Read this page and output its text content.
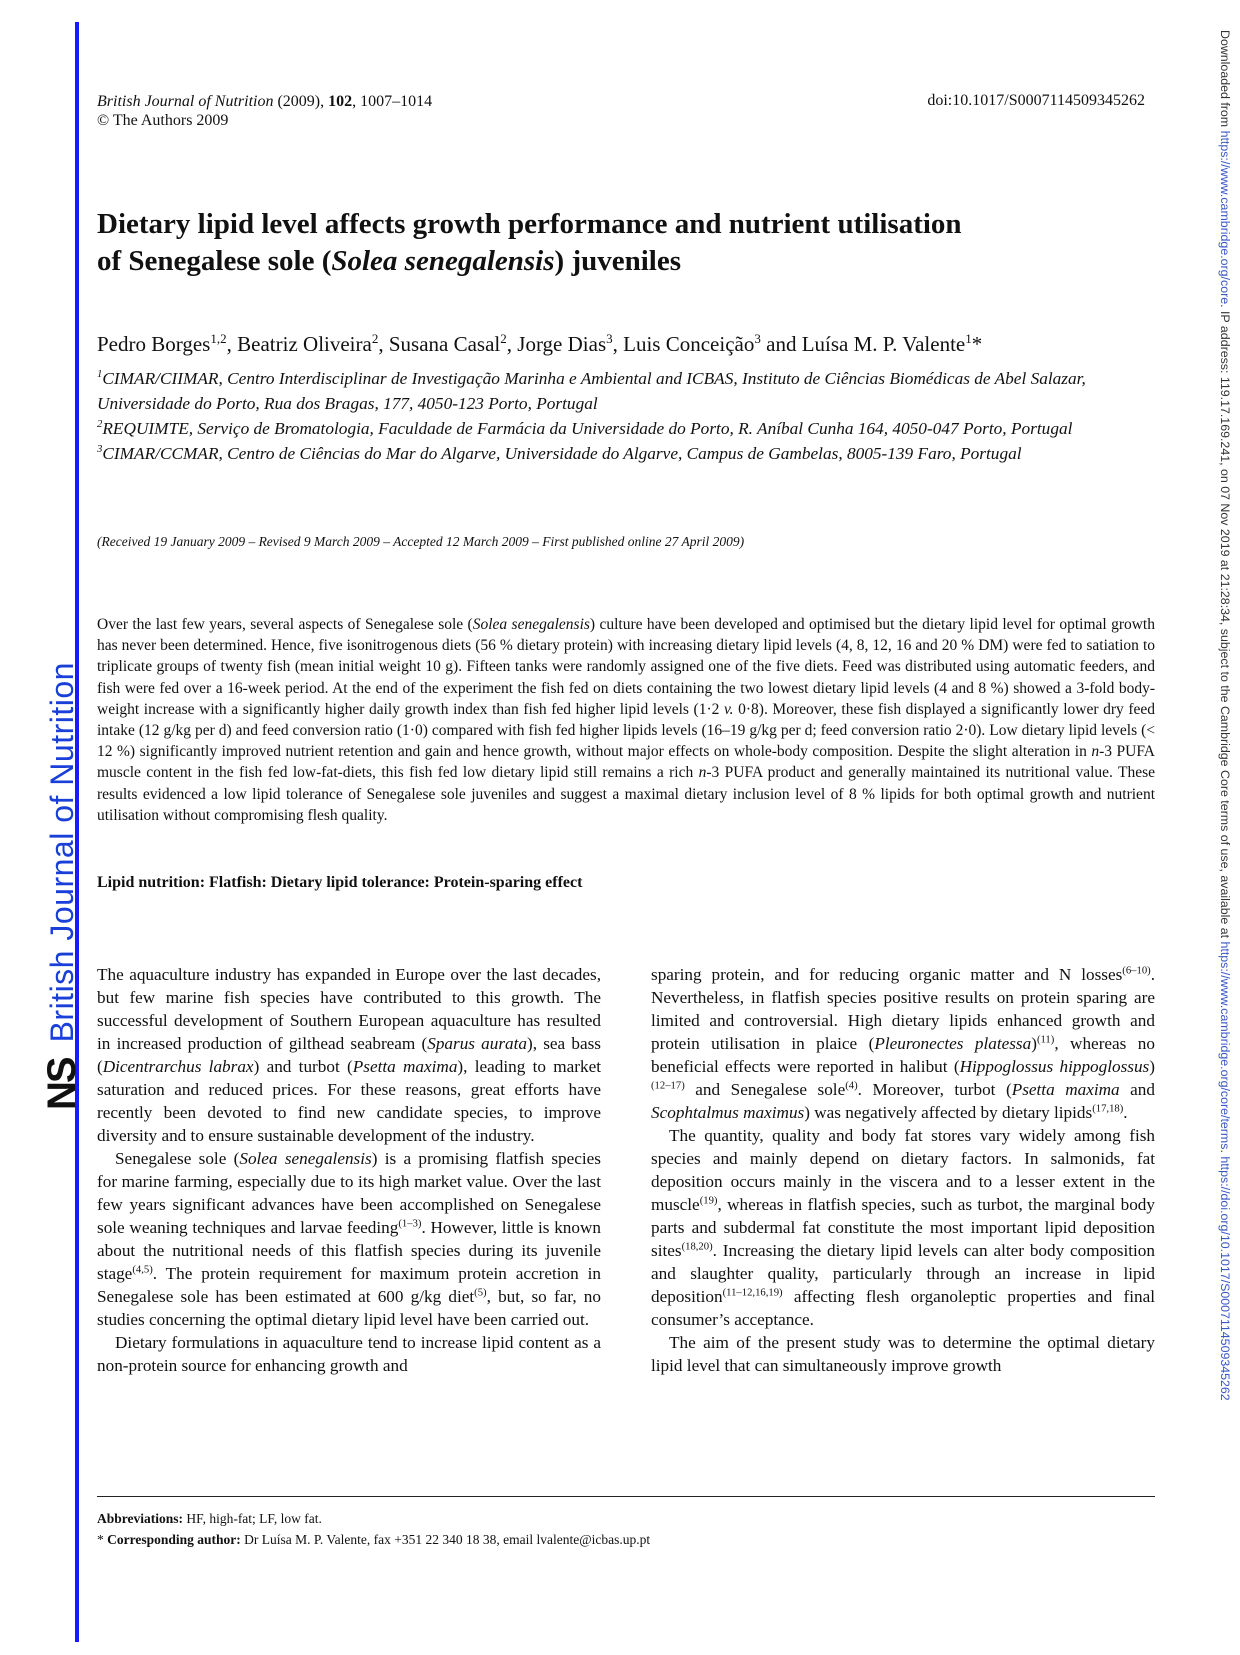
NS
British Journal of Nutrition
Downloaded from https://www.cambridge.org/core. IP address: 119.17.169.241, on 07 Nov 2019 at 21:28:34, subject to the Cambridge Core terms of use, available at https://www.cambridge.org/core/terms. https://doi.org/10.1017/S0007114509345262
British Journal of Nutrition (2009), 102, 1007–1014
© The Authors 2009
doi:10.1017/S0007114509345262
Dietary lipid level affects growth performance and nutrient utilisation
of Senegalese sole (Solea senegalensis) juveniles
Pedro Borges$^{1,2}$, Beatriz Oliveira$^2$, Susana Casal$^2$, Jorge Dias$^3$, Luis Conceição$^3$ and Luísa M. P. Valente$^1$*

$^1$CIMAR/CIIMAR, Centro Interdisciplinar de Investigação Marinha e Ambiental and ICBAS, Instituto de Ciências Biomédicas de Abel Salazar, Universidade do Porto, Rua dos Bragas, 177, 4050-123 Porto, Portugal

$^2$REQUIMTE, Serviço de Bromatologia, Faculdade de Farmácia da Universidade do Porto, R. Aníbal Cunha 164, 4050-047 Porto, Portugal

$^3$CIMAR/CCMAR, Centro de Ciências do Mar do Algarve, Universidade do Algarve, Campus de Gambelas, 8005-139 Faro, Portugal

(Received 19 January 2009 – Revised 9 March 2009 – Accepted 12 March 2009 – First published online 27 April 2009)
Over the last few years, several aspects of Senegalese sole (Solea senegalensis) culture have been developed and optimised but the dietary lipid level for optimal growth has never been determined. Hence, five isonitrogenous diets (56 % dietary protein) with increasing dietary lipid levels (4, 8, 12, 16 and 20 % DM) were fed to satiation to triplicate groups of twenty fish (mean initial weight 10 g). Fifteen tanks were randomly assigned one of the five diets. Feed was distributed using automatic feeders, and fish were fed over a 16-week period. At the end of the experiment the fish fed on diets containing the two lowest dietary lipid levels (4 and 8 %) showed a 3-fold body-weight increase with a significantly higher daily growth index than fish fed higher lipid levels (1·2 v. 0·8). Moreover, these fish displayed a significantly lower dry feed intake (12 g/kg per d) and feed conversion ratio (1·0) compared with fish fed higher lipids levels (16–19 g/kg per d; feed conversion ratio 2·0). Low dietary lipid levels (< 12 %) significantly improved nutrient retention and gain and hence growth, without major effects on whole-body composition. Despite the slight alteration in n-3 PUFA muscle content in the fish fed low-fat-diets, this fish fed low dietary lipid still remains a rich n-3 PUFA product and generally maintained its nutritional value. These results evidenced a low lipid tolerance of Senegalese sole juveniles and suggest a maximal dietary inclusion level of 8 % lipids for both optimal growth and nutrient utilisation without compromising flesh quality.
Lipid nutrition: Flatfish: Dietary lipid tolerance: Protein-sparing effect

The aquaculture industry has expanded in Europe over the last decades, but few marine fish species have contributed to this growth. The successful development of Southern European aquaculture has resulted in increased production of gilthead seabream (Sparus aurata), sea bass (Dicentrarchus labrax) and turbot (Psetta maxima), leading to market saturation and reduced prices. For these reasons, great efforts have recently been devoted to find new candidate species, to improve diversity and to ensure sustainable development of the industry.

Senegalese sole (Solea senegalensis) is a promising flatfish species for marine farming, especially due to its high market value. Over the last few years significant advances have been accomplished on Senegalese sole weaning techniques and larvae feeding$^{(1-3)}$. However, little is known about the nutritional needs of this flatfish species during its juvenile stage$^{(4,5)}$. The protein requirement for maximum protein accretion in Senegalese sole has been estimated at 600 g/kg diet$^{(5)}$, but, so far, no studies concerning the optimal dietary lipid level have been carried out.

Dietary formulations in aquaculture tend to increase lipid content as a non-protein source for enhancing growth and

sparing protein, and for reducing organic matter and N losses$^{(6-10)}$. Nevertheless, in flatfish species positive results on protein sparing are limited and controversial. High dietary lipids enhanced growth and protein utilisation in plaice (Pleuronectes platessa)$^{(11)}$, whereas no beneficial effects were reported in halibut (Hippoglossus hippoglossus)$^{(12-17)}$ and Senegalese sole$^{(4)}$. Moreover, turbot (Psetta maxima and Scophtalmus maximus) was negatively affected by dietary lipids$^{(17,18)}$.

The quantity, quality and body fat stores vary widely among fish species and mainly depend on dietary factors. In salmonids, fat deposition occurs mainly in the viscera and to a lesser extent in the muscle$^{(19)}$, whereas in flatfish species, such as turbot, the marginal body parts and subdermal fat constitute the most important lipid deposition sites$^{(18,20)}$. Increasing the dietary lipid levels can alter body composition and slaughter quality, particularly through an increase in lipid deposition$^{(11-12,16,19)}$ affecting flesh organoleptic properties and final consumer’s acceptance.

The aim of the present study was to determine the optimal dietary lipid level that can simultaneously improve growth

Abbreviations: HF, high-fat; LF, low fat.
* Corresponding author: Dr Luísa M. P. Valente, fax +351 22 340 18 38, email lvalente@icbas.up.pt
